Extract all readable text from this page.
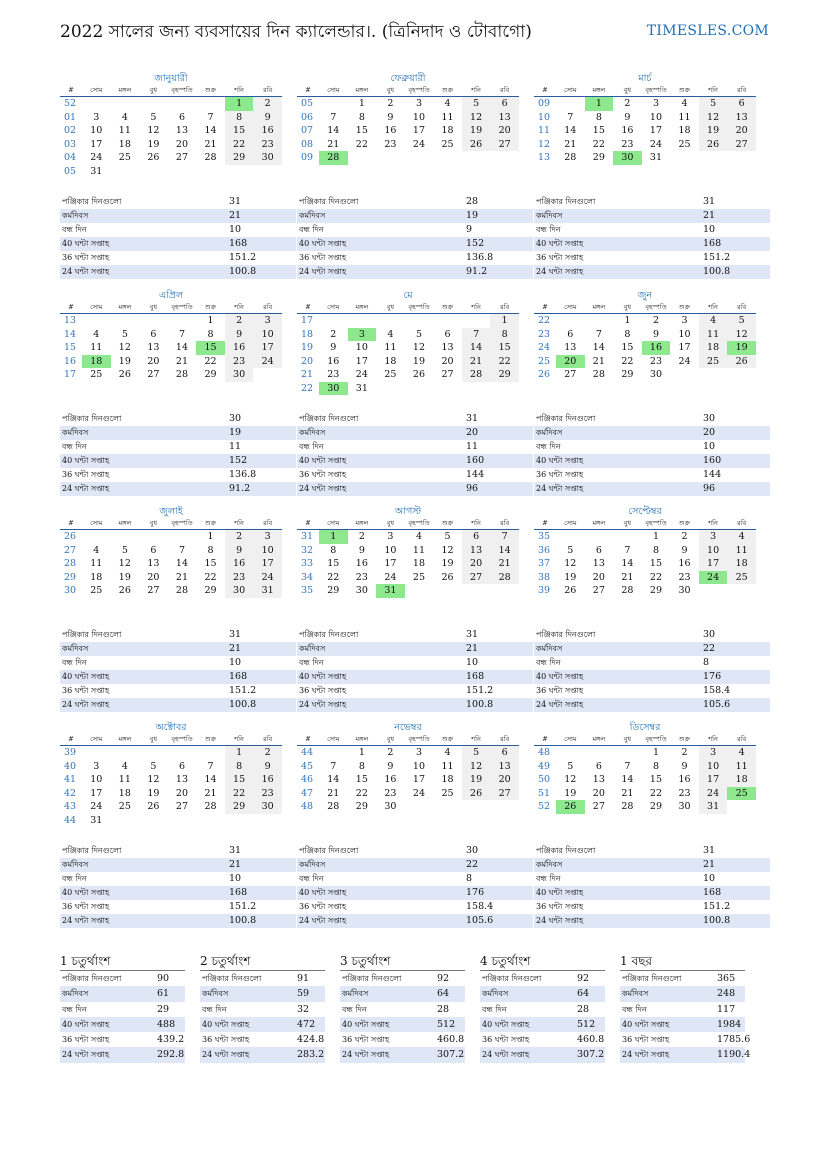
2022 সালের জন্য ব্যবসায়ের দিন ক্যালেন্ডার।. (ত্রিনিদাদ ও টোবাগো)	TIMESLES.COM
জানুয়ারী
#	সোম	মঙ্গল	বুধ	বৃহস্পতি	শুক্র	শনি	রবি
52						1	2
01	3	4	5	6	7	8	9
02	10	11	12	13	14	15	16
03	17	18	19	20	21	22	23
04	24	25	26	27	28	29	30
05	31						
পঞ্জিকার দিনগুলো	31
কর্মদিবস	21
বন্ধ দিন	10
40 ঘন্টা সপ্তাহ	168
36 ঘন্টা সপ্তাহ	151.2
24 ঘন্টা সপ্তাহ	100.8
ফেব্রুয়ারী
#	সোম	মঙ্গল	বুধ	বৃহস্পতি	শুক্র	শনি	রবি
05		1	2	3	4	5	6
06	7	8	9	10	11	12	13
07	14	15	16	17	18	19	20
08	21	22	23	24	25	26	27
09	28						
পঞ্জিকার দিনগুলো	28
কর্মদিবস	19
বন্ধ দিন	9
40 ঘন্টা সপ্তাহ	152
36 ঘন্টা সপ্তাহ	136.8
24 ঘন্টা সপ্তাহ	91.2
মার্চ
#	সোম	মঙ্গল	বুধ	বৃহস্পতি	শুক্র	শনি	রবি
09		1	2	3	4	5	6
10	7	8	9	10	11	12	13
11	14	15	16	17	18	19	20
12	21	22	23	24	25	26	27
13	28	29	30	31			
পঞ্জিকার দিনগুলো	31
কর্মদিবস	21
বন্ধ দিন	10
40 ঘন্টা সপ্তাহ	168
36 ঘন্টা সপ্তাহ	151.2
24 ঘন্টা সপ্তাহ	100.8
এপ্রিল
#	সোম	মঙ্গল	বুধ	বৃহস্পতি	শুক্র	শনি	রবি
13					1	2	3
14	4	5	6	7	8	9	10
15	11	12	13	14	15	16	17
16	18	19	20	21	22	23	24
17	25	26	27	28	29	30	
পঞ্জিকার দিনগুলো	30
কর্মদিবস	19
বন্ধ দিন	11
40 ঘন্টা সপ্তাহ	152
36 ঘন্টা সপ্তাহ	136.8
24 ঘন্টা সপ্তাহ	91.2
মে
#	সোম	মঙ্গল	বুধ	বৃহস্পতি	শুক্র	শনি	রবি
17							1
18	2	3	4	5	6	7	8
19	9	10	11	12	13	14	15
20	16	17	18	19	20	21	22
21	23	24	25	26	27	28	29
22	30	31					
পঞ্জিকার দিনগুলো	31
কর্মদিবস	20
বন্ধ দিন	11
40 ঘন্টা সপ্তাহ	160
36 ঘন্টা সপ্তাহ	144
24 ঘন্টা সপ্তাহ	96
জুন
#	সোম	মঙ্গল	বুধ	বৃহস্পতি	শুক্র	শনি	রবি
22			1	2	3	4	5
23	6	7	8	9	10	11	12
24	13	14	15	16	17	18	19
25	20	21	22	23	24	25	26
26	27	28	29	30			
পঞ্জিকার দিনগুলো	30
কর্মদিবস	20
বন্ধ দিন	10
40 ঘন্টা সপ্তাহ	160
36 ঘন্টা সপ্তাহ	144
24 ঘন্টা সপ্তাহ	96
জুলাই
#	সোম	মঙ্গল	বুধ	বৃহস্পতি	শুক্র	শনি	রবি
26					1	2	3
27	4	5	6	7	8	9	10
28	11	12	13	14	15	16	17
29	18	19	20	21	22	23	24
30	25	26	27	28	29	30	31
পঞ্জিকার দিনগুলো	31
কর্মদিবস	21
বন্ধ দিন	10
40 ঘন্টা সপ্তাহ	168
36 ঘন্টা সপ্তাহ	151.2
24 ঘন্টা সপ্তাহ	100.8
আগস্ট
#	সোম	মঙ্গল	বুধ	বৃহস্পতি	শুক্র	শনি	রবি
31	1	2	3	4	5	6	7
32	8	9	10	11	12	13	14
33	15	16	17	18	19	20	21
34	22	23	24	25	26	27	28
35	29	30	31				
পঞ্জিকার দিনগুলো	31
কর্মদিবস	21
বন্ধ দিন	10
40 ঘন্টা সপ্তাহ	168
36 ঘন্টা সপ্তাহ	151.2
24 ঘন্টা সপ্তাহ	100.8
সেপ্টেম্বর
#	সোম	মঙ্গল	বুধ	বৃহস্পতি	শুক্র	শনি	রবি
35				1	2	3	4
36	5	6	7	8	9	10	11
37	12	13	14	15	16	17	18
38	19	20	21	22	23	24	25
39	26	27	28	29	30		
পঞ্জিকার দিনগুলো	30
কর্মদিবস	22
বন্ধ দিন	8
40 ঘন্টা সপ্তাহ	176
36 ঘন্টা সপ্তাহ	158.4
24 ঘন্টা সপ্তাহ	105.6
অক্টোবর
#	সোম	মঙ্গল	বুধ	বৃহস্পতি	শুক্র	শনি	রবি
39						1	2
40	3	4	5	6	7	8	9
41	10	11	12	13	14	15	16
42	17	18	19	20	21	22	23
43	24	25	26	27	28	29	30
44	31						
পঞ্জিকার দিনগুলো	31
কর্মদিবস	21
বন্ধ দিন	10
40 ঘন্টা সপ্তাহ	168
36 ঘন্টা সপ্তাহ	151.2
24 ঘন্টা সপ্তাহ	100.8
নভেম্বর
#	সোম	মঙ্গল	বুধ	বৃহস্পতি	শুক্র	শনি	রবি
44		1	2	3	4	5	6
45	7	8	9	10	11	12	13
46	14	15	16	17	18	19	20
47	21	22	23	24	25	26	27
48	28	29	30				
পঞ্জিকার দিনগুলো	30
কর্মদিবস	22
বন্ধ দিন	8
40 ঘন্টা সপ্তাহ	176
36 ঘন্টা সপ্তাহ	158.4
24 ঘন্টা সপ্তাহ	105.6
ডিসেম্বর
#	সোম	মঙ্গল	বুধ	বৃহস্পতি	শুক্র	শনি	রবি
48				1	2	3	4
49	5	6	7	8	9	10	11
50	12	13	14	15	16	17	18
51	19	20	21	22	23	24	25
52	26	27	28	29	30	31	
পঞ্জিকার দিনগুলো	31
কর্মদিবস	21
বন্ধ দিন	10
40 ঘন্টা সপ্তাহ	168
36 ঘন্টা সপ্তাহ	151.2
24 ঘন্টা সপ্তাহ	100.8
1 চতুর্থাংশ
পঞ্জিকার দিনগুলো	90
কর্মদিবস	61
বন্ধ দিন	29
40 ঘন্টা সপ্তাহ	488
36 ঘন্টা সপ্তাহ	439.2
24 ঘন্টা সপ্তাহ	292.8
2 চতুর্থাংশ
পঞ্জিকার দিনগুলো	91
কর্মদিবস	59
বন্ধ দিন	32
40 ঘন্টা সপ্তাহ	472
36 ঘন্টা সপ্তাহ	424.8
24 ঘন্টা সপ্তাহ	283.2
3 চতুর্থাংশ
পঞ্জিকার দিনগুলো	92
কর্মদিবস	64
বন্ধ দিন	28
40 ঘন্টা সপ্তাহ	512
36 ঘন্টা সপ্তাহ	460.8
24 ঘন্টা সপ্তাহ	307.2
4 চতুর্থাংশ
পঞ্জিকার দিনগুলো	92
কর্মদিবস	64
বন্ধ দিন	28
40 ঘন্টা সপ্তাহ	512
36 ঘন্টা সপ্তাহ	460.8
24 ঘন্টা সপ্তাহ	307.2
1 বছর
পঞ্জিকার দিনগুলো	365
কর্মদিবস	248
বন্ধ দিন	117
40 ঘন্টা সপ্তাহ	1984
36 ঘন্টা সপ্তাহ	1785.6
24 ঘন্টা সপ্তাহ	1190.4
